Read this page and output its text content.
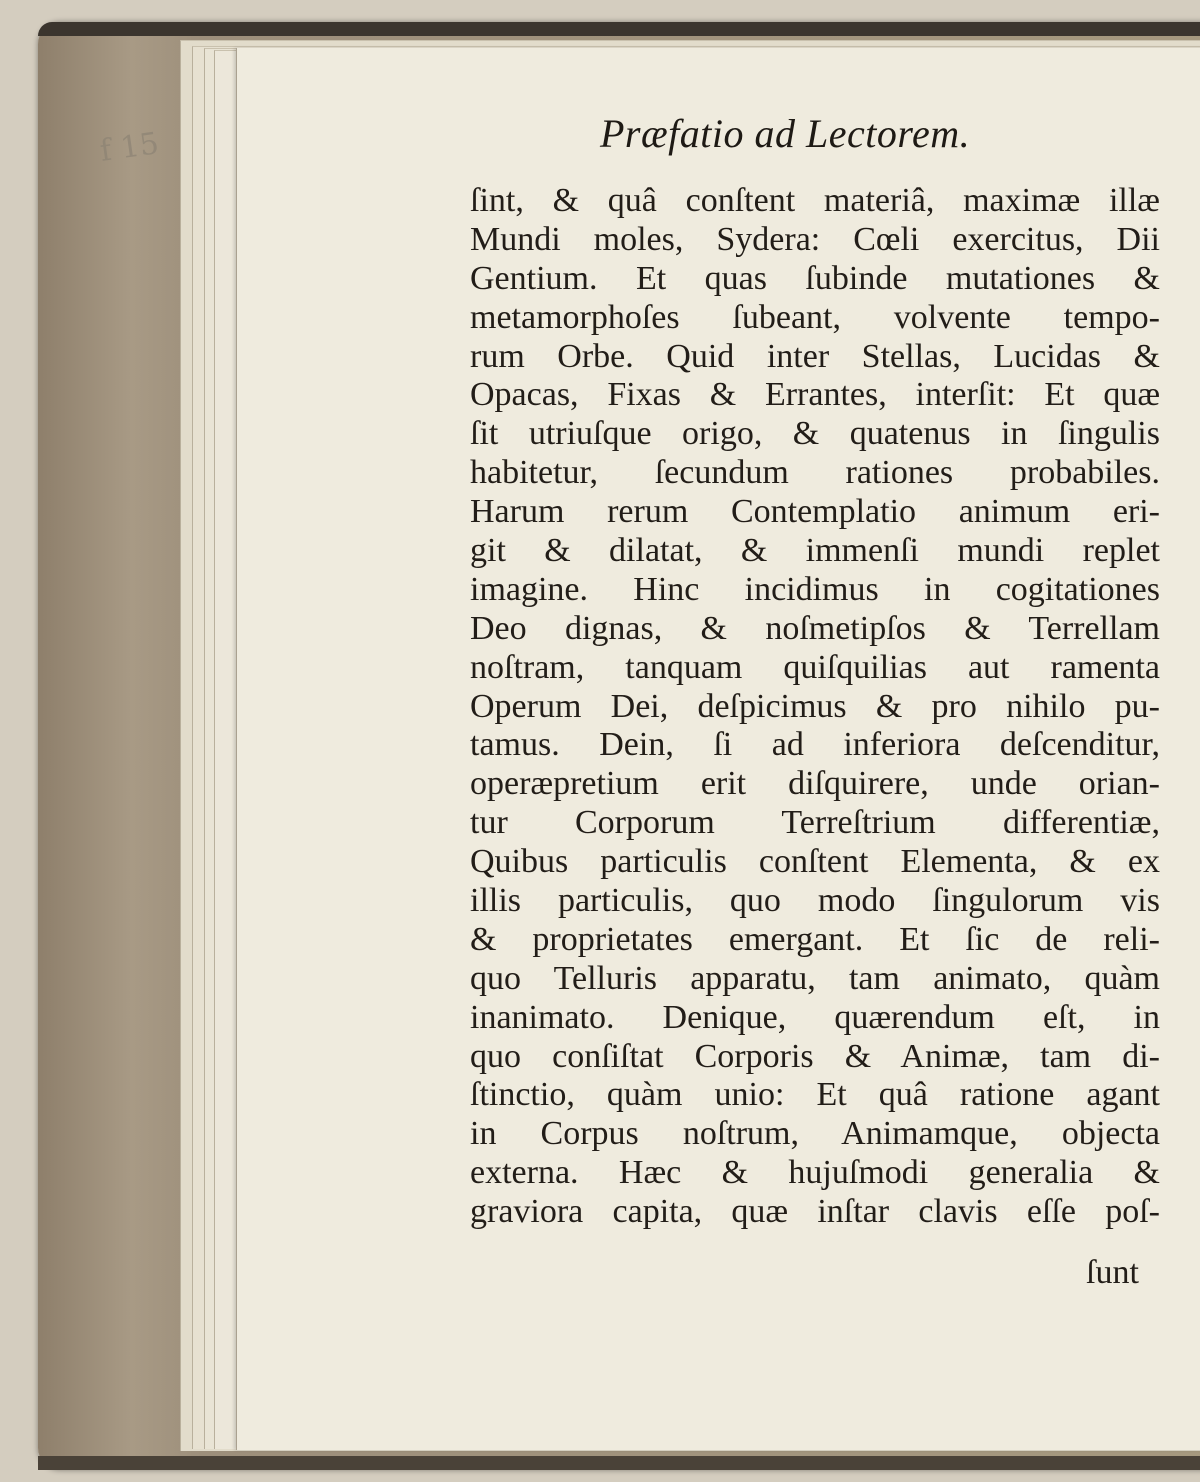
f 15	Præfatio ad Lectorem.
ſint, & quâ conſtent materiâ, maximæ illæ
Mundi moles, Sydera: Cœli exercitus, Dii
Gentium. Et quas ſubinde mutationes &
metamorphoſes ſubeant, volvente tempo-
rum Orbe. Quid inter Stellas, Lucidas &
Opacas, Fixas & Errantes, interſit: Et quæ
ſit utriuſque origo, & quatenus in ſingulis
habitetur, ſecundum rationes probabiles.
Harum rerum Contemplatio animum eri-
git & dilatat, & immenſi mundi replet
imagine. Hinc incidimus in cogitationes
Deo dignas, & noſmetipſos & Terrellam
noſtram, tanquam quiſquilias aut ramenta
Operum Dei, deſpicimus & pro nihilo pu-
tamus. Dein, ſi ad inferiora deſcenditur,
operæpretium erit diſquirere, unde orian-
tur Corporum Terreſtrium differentiæ,
Quibus particulis conſtent Elementa, & ex
illis particulis, quo modo ſingulorum vis
& proprietates emergant. Et ſic de reli-
quo Telluris apparatu, tam animato, quàm
inanimato. Denique, quærendum eſt, in
quo conſiſtat Corporis & Animæ, tam di-
ſtinctio, quàm unio: Et quâ ratione agant
in Corpus noſtrum, Animamque, objecta
externa. Hæc & hujuſmodi generalia &
graviora capita, quæ inſtar clavis eſſe poſ-
ſunt
